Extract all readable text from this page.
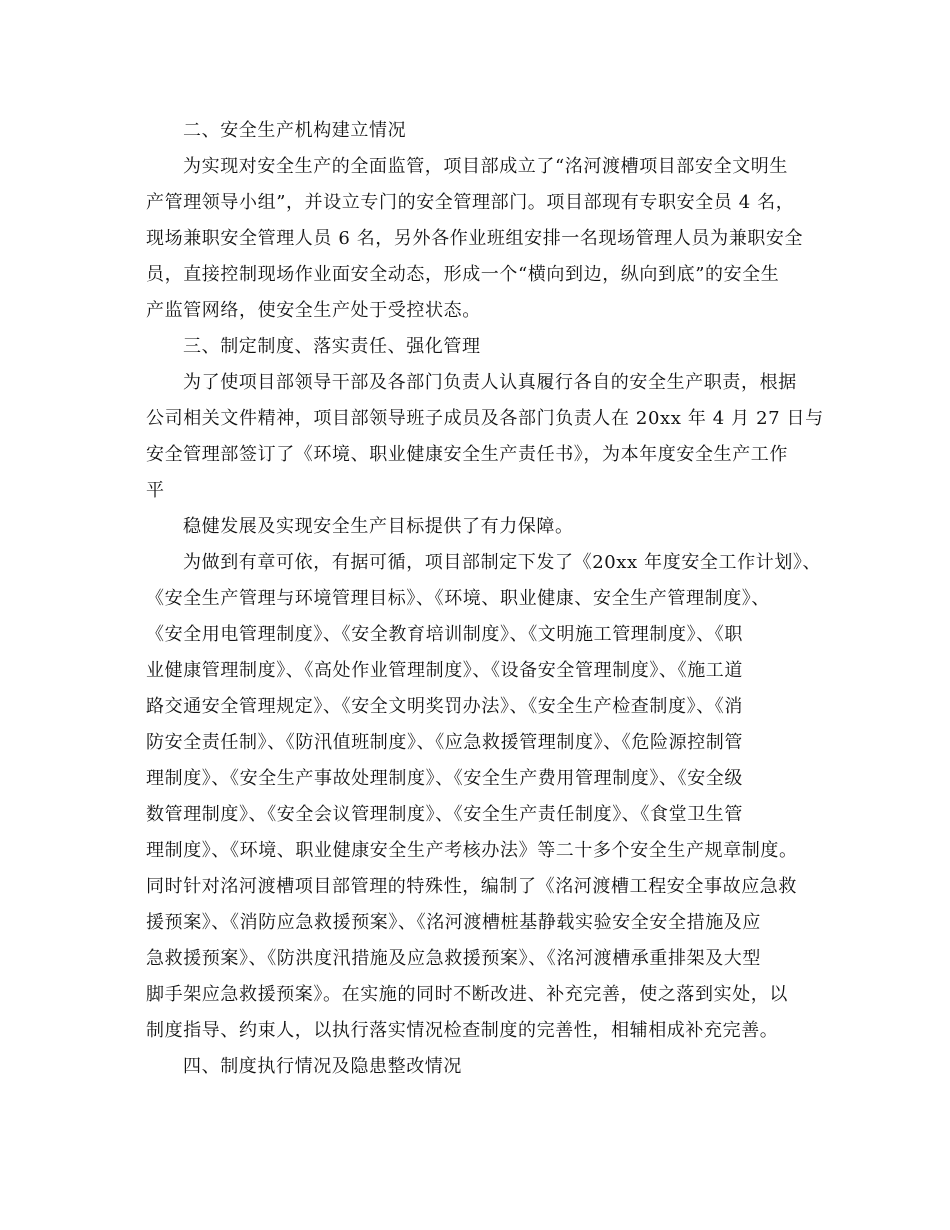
二、安全生产机构建立情况
为实现对安全生产的全面监管，项目部成立了“洺河渡槽项目部安全文明生
产管理领导小组”，并设立专门的安全管理部门。项目部现有专职安全员 4 名，
现场兼职安全管理人员 6 名，另外各作业班组安排一名现场管理人员为兼职安全
员，直接控制现场作业面安全动态，形成一个“横向到边，纵向到底”的安全生
产监管网络，使安全生产处于受控状态。
三、制定制度、落实责任、强化管理
为了使项目部领导干部及各部门负责人认真履行各自的安全生产职责，根据
公司相关文件精神，项目部领导班子成员及各部门负责人在 20xx 年 4 月 27 日与
安全管理部签订了《环境、职业健康安全生产责任书》，为本年度安全生产工作
平
稳健发展及实现安全生产目标提供了有力保障。
为做到有章可依，有据可循，项目部制定下发了《20xx 年度安全工作计划》、
《安全生产管理与环境管理目标》、《环境、职业健康、安全生产管理制度》、
《安全用电管理制度》、《安全教育培训制度》、《文明施工管理制度》、《职
业健康管理制度》、《高处作业管理制度》、《设备安全管理制度》、《施工道
路交通安全管理规定》、《安全文明奖罚办法》、《安全生产检查制度》、《消
防安全责任制》、《防汛值班制度》、《应急救援管理制度》、《危险源控制管
理制度》、《安全生产事故处理制度》、《安全生产费用管理制度》、《安全级
数管理制度》、《安全会议管理制度》、《安全生产责任制度》、《食堂卫生管
理制度》、《环境、职业健康安全生产考核办法》等二十多个安全生产规章制度。
同时针对洺河渡槽项目部管理的特殊性，编制了《洺河渡槽工程安全事故应急救
援预案》、《消防应急救援预案》、《洺河渡槽桩基静载实验安全安全措施及应
急救援预案》、《防洪度汛措施及应急救援预案》、《洺河渡槽承重排架及大型
脚手架应急救援预案》。在实施的同时不断改进、补充完善，使之落到实处，以
制度指导、约束人，以执行落实情况检查制度的完善性，相辅相成补充完善。
四、制度执行情况及隐患整改情况
